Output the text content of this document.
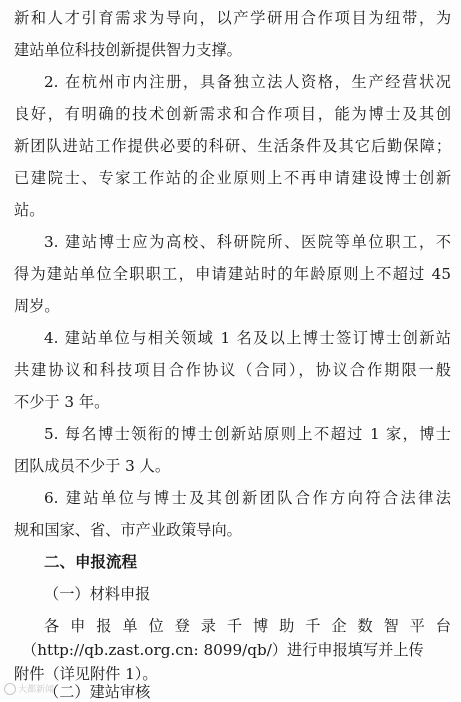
新和人才引育需求为导向，以产学研用合作项目为纽带，为
建站单位科技创新提供智力支撑。
2. 在杭州市内注册，具备独立法人资格，生产经营状况
良好，有明确的技术创新需求和合作项目，能为博士及其创
新团队进站工作提供必要的科研、生活条件及其它后勤保障；
已建院士、专家工作站的企业原则上不再申请建设博士创新
站。
3. 建站博士应为高校、科研院所、医院等单位职工，不
得为建站单位全职职工，申请建站时的年龄原则上不超过 45
周岁。
4. 建站单位与相关领域 1 名及以上博士签订博士创新站
共建协议和科技项目合作协议（合同），协议合作期限一般
不少于 3 年。
5. 每名博士领衔的博士创新站原则上不超过 1 家，博士
团队成员不少于 3 人。
6. 建站单位与博士及其创新团队合作方向符合法律法
规和国家、省、市产业政策导向。
二、申报流程
（一）材料申报
各 申 报 单 位 登 录 千 博 助 千 企 数 智 平 台
（http://qb.zast.org.cn: 8099/qb/）进行申报填写并上传
附件（详见附件 1）。
（二）建站审核
大都新闻
